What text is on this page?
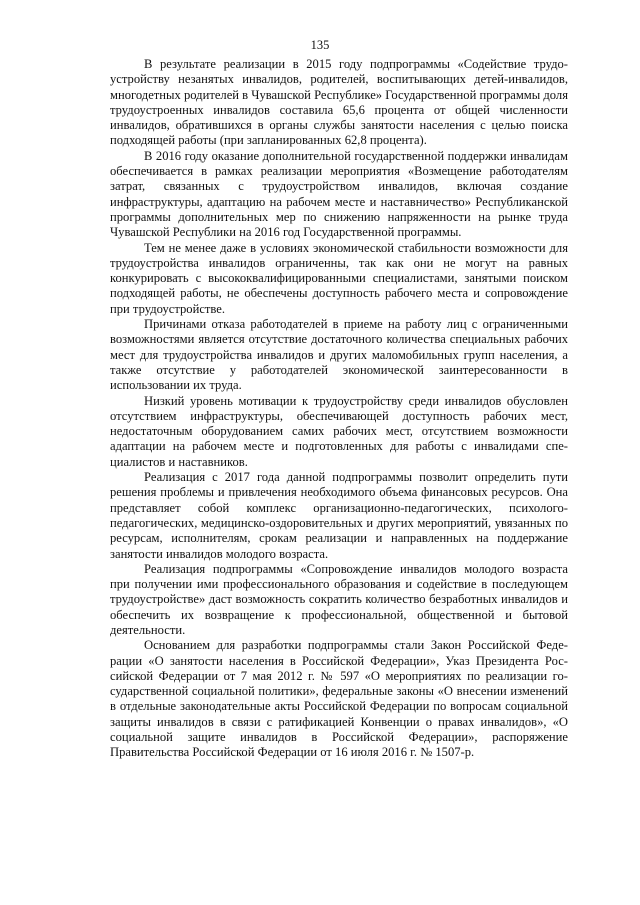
135

В результате реализации в 2015 году подпрограммы «Содействие трудоустройству незанятых инвалидов, родителей, воспитывающих детей-инвалидов, многодетных родителей в Чувашской Республике» Государственной программы доля трудоустроенных инвалидов составила 65,6 процента от общей численности инвалидов, обратившихся в органы службы занятости населения с целью поиска подходящей работы (при запланированных 62,8 процента).

В 2016 году оказание дополнительной государственной поддержки инвалидам обеспечивается в рамках реализации мероприятия «Возмещение работодателям затрат, связанных с трудоустройством инвалидов, включая создание инфраструктуры, адаптацию на рабочем месте и наставничество» Республиканской программы дополнительных мер по снижению напряженности на рынке труда Чувашской Республики на 2016 год Государственной программы.

Тем не менее даже в условиях экономической стабильности возможности для трудоустройства инвалидов ограниченны, так как они не могут на равных конкурировать с высококвалифицированными специалистами, занятыми поиском подходящей работы, не обеспечены доступность рабочего места и сопровождение при трудоустройстве.

Причинами отказа работодателей в приеме на работу лиц с ограниченными возможностями является отсутствие достаточного количества специальных рабочих мест для трудоустройства инвалидов и других маломобильных групп населения, а также отсутствие у работодателей экономической заинтересованности в использовании их труда.

Низкий уровень мотивации к трудоустройству среди инвалидов обусловлен отсутствием инфраструктуры, обеспечивающей доступность рабочих мест, недостаточным оборудованием самих рабочих мест, отсутствием возможности адаптации на рабочем месте и подготовленных для работы с инвалидами специалистов и наставников.

Реализация с 2017 года данной подпрограммы позволит определить пути решения проблемы и привлечения необходимого объема финансовых ресурсов. Она представляет собой комплекс организационно-педагогических, психолого-педагогических, медицинско-оздоровительных и других мероприятий, увязанных по ресурсам, исполнителям, срокам реализации и направленных на поддержание занятости инвалидов молодого возраста.

Реализация подпрограммы «Сопровождение инвалидов молодого возраста при получении ими профессионального образования и содействие в последующем трудоустройстве» даст возможность сократить количество безработных инвалидов и обеспечить их возвращение к профессиональной, общественной и бытовой деятельности.

Основанием для разработки подпрограммы стали Закон Российской Федерации «О занятости населения в Российской Федерации», Указ Президента Российской Федерации от 7 мая 2012 г. № 597 «О мероприятиях по реализации государственной социальной политики», федеральные законы «О внесении изменений в отдельные законодательные акты Российской Федерации по вопросам социальной защиты инвалидов в связи с ратификацией Конвенции о правах инвалидов», «О социальной защите инвалидов в Российской Федерации», распоряжение Правительства Российской Федерации от 16 июля 2016 г. № 1507-р.
